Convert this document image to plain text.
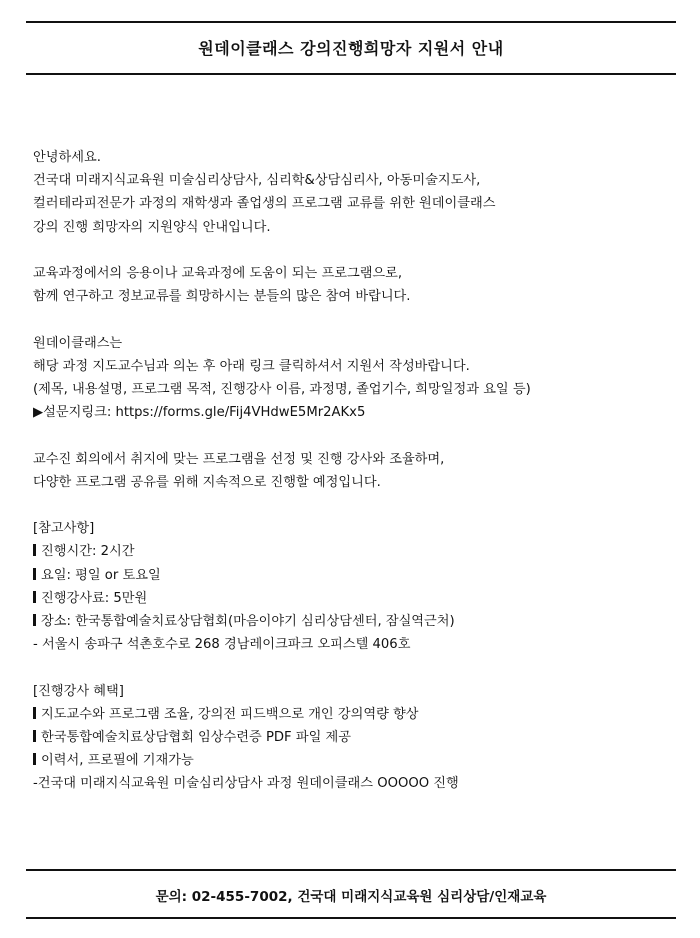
원데이클래스 강의진행희망자 지원서 안내
안녕하세요.
건국대 미래지식교육원 미술심리상담사, 심리학&상담심리사, 아동미술지도사,
컬러테라피전문가 과정의 재학생과 졸업생의 프로그램 교류를 위한 원데이클래스
강의 진행 희망자의 지원양식 안내입니다.
교육과정에서의 응용이나 교육과정에 도움이 되는 프로그램으로,
함께 연구하고 정보교류를 희망하시는 분들의 많은 참여 바랍니다.
원데이클래스는
해당 과정 지도교수님과 의논 후 아래 링크 클릭하셔서 지원서 작성바랍니다.
(제목, 내용설명, 프로그램 목적, 진행강사 이름, 과정명, 졸업기수, 희망일정과 요일 등)
▶설문지링크: https://forms.gle/Fij4VHdwE5Mr2AKx5
교수진 회의에서 취지에 맞는 프로그램을 선정 및 진행 강사와 조율하며,
다양한 프로그램 공유를 위해 지속적으로 진행할 예정입니다.
[참고사항]
진행시간: 2시간
요일: 평일 or 토요일
진행강사료: 5만원
장소: 한국통합예술치료상담협회(마음이야기 심리상담센터, 잠실역근처)
- 서울시 송파구 석촌호수로 268 경남레이크파크 오피스텔 406호
[진행강사 혜택]
지도교수와 프로그램 조율, 강의전 피드백으로 개인 강의역량 향상
한국통합예술치료상담협회 임상수련증 PDF 파일 제공
이력서, 프로필에 기재가능
-건국대 미래지식교육원 미술심리상담사 과정 원데이클래스 OOOOO 진행
문의: 02-455-7002, 건국대 미래지식교육원 심리상담/인재교육
